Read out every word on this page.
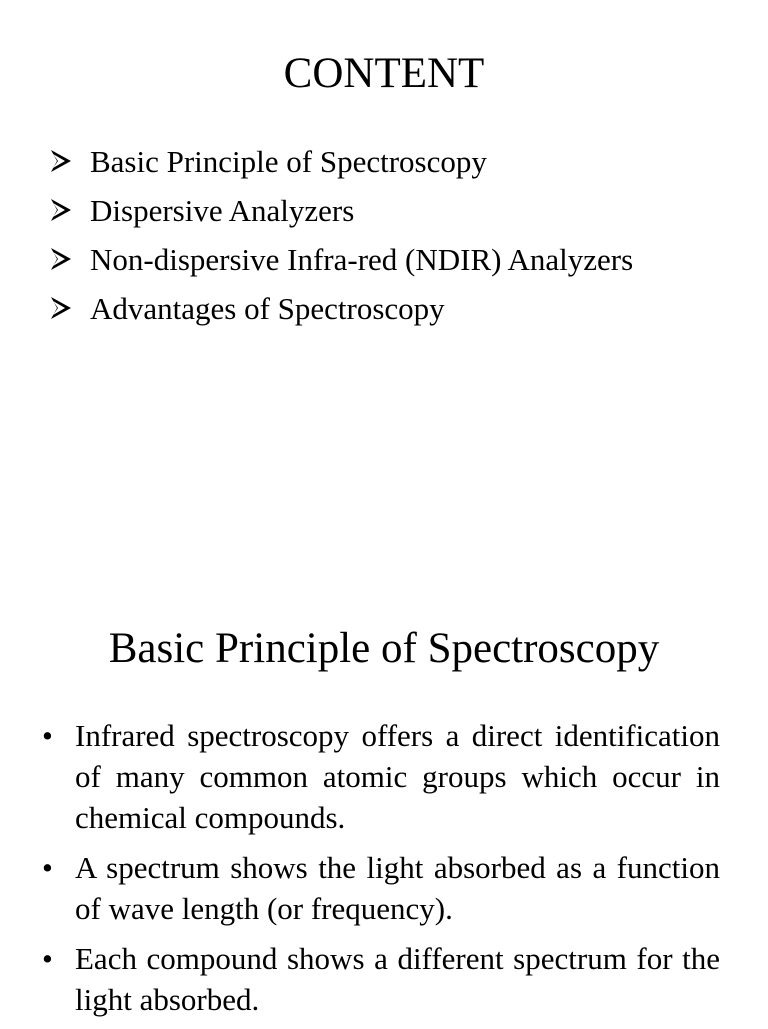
CONTENT
Basic Principle of Spectroscopy
Dispersive Analyzers
Non-dispersive Infra-red (NDIR) Analyzers
Advantages of Spectroscopy
Basic Principle of Spectroscopy
• Infrared spectroscopy offers a direct identification of many common atomic groups which occur in chemical compounds.
• A spectrum shows the light absorbed as a function of wave length (or frequency).
• Each compound shows a different spectrum for the light absorbed.
